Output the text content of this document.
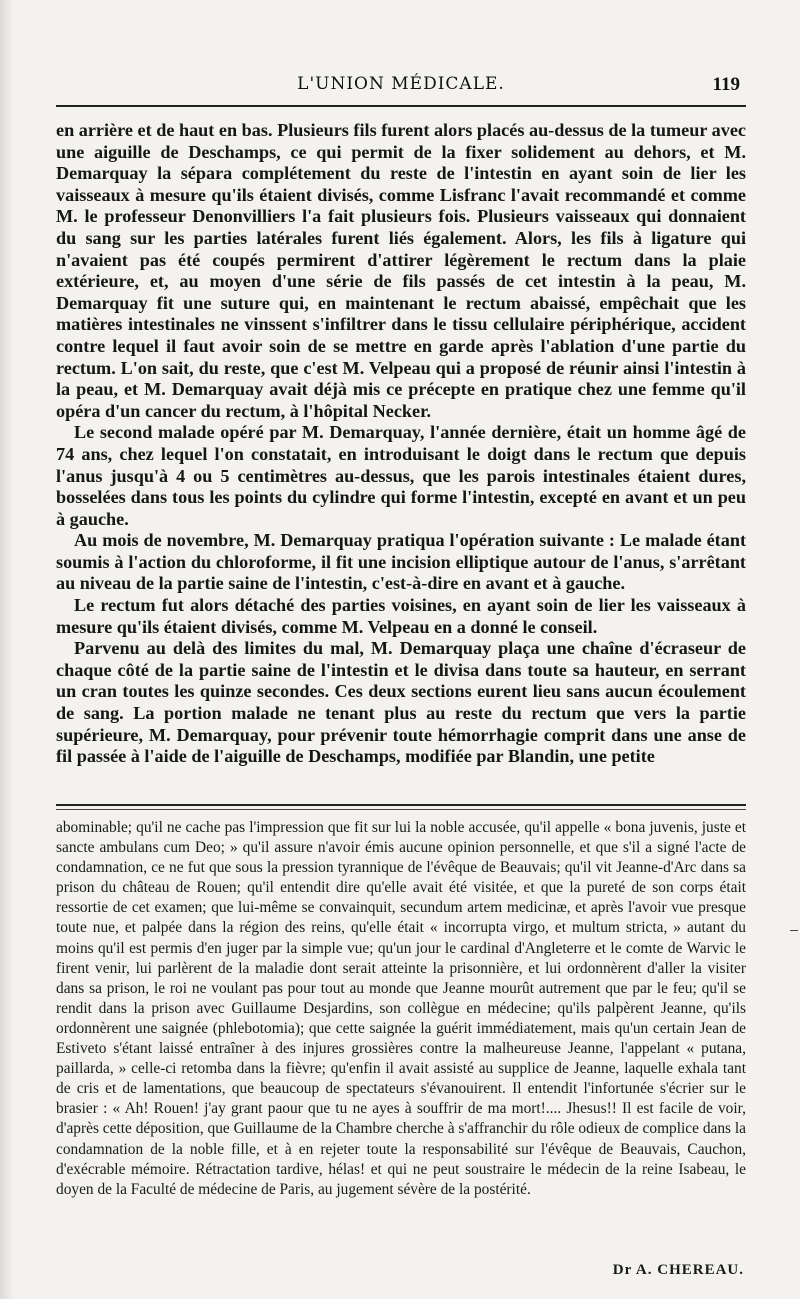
L'UNION MÉDICALE.	119

en arrière et de haut en bas. Plusieurs fils furent alors placés au-dessus de la tumeur avec une aiguille de Deschamps, ce qui permit de la fixer solidement au dehors, et M. Demarquay la sépara complétement du reste de l'intestin en ayant soin de lier les vaisseaux à mesure qu'ils étaient divisés, comme Lisfranc l'avait recommandé et comme M. le professeur Denonvilliers l'a fait plusieurs fois. Plusieurs vaisseaux qui donnaient du sang sur les parties latérales furent liés également. Alors, les fils à ligature qui n'avaient pas été coupés permirent d'attirer légèrement le rectum dans la plaie extérieure, et, au moyen d'une série de fils passés de cet intestin à la peau, M. Demarquay fit une suture qui, en maintenant le rectum abaissé, empêchait que les matières intestinales ne vinssent s'infiltrer dans le tissu cellulaire périphérique, accident contre lequel il faut avoir soin de se mettre en garde après l'ablation d'une partie du rectum. L'on sait, du reste, que c'est M. Velpeau qui a proposé de réunir ainsi l'intestin à la peau, et M. Demarquay avait déjà mis ce précepte en pratique chez une femme qu'il opéra d'un cancer du rectum, à l'hôpital Necker.

Le second malade opéré par M. Demarquay, l'année dernière, était un homme âgé de 74 ans, chez lequel l'on constatait, en introduisant le doigt dans le rectum que depuis l'anus jusqu'à 4 ou 5 centimètres au-dessus, que les parois intestinales étaient dures, bosselées dans tous les points du cylindre qui forme l'intestin, excepté en avant et un peu à gauche.

Au mois de novembre, M. Demarquay pratiqua l'opération suivante : Le malade étant soumis à l'action du chloroforme, il fit une incision elliptique autour de l'anus, s'arrêtant au niveau de la partie saine de l'intestin, c'est-à-dire en avant et à gauche.

Le rectum fut alors détaché des parties voisines, en ayant soin de lier les vaisseaux à mesure qu'ils étaient divisés, comme M. Velpeau en a donné le conseil.

Parvenu au delà des limites du mal, M. Demarquay plaça une chaîne d'écraseur de chaque côté de la partie saine de l'intestin et le divisa dans toute sa hauteur, en serrant un cran toutes les quinze secondes. Ces deux sections eurent lieu sans aucun écoulement de sang. La portion malade ne tenant plus au reste du rectum que vers la partie supérieure, M. Demarquay, pour prévenir toute hémorrhagie comprit dans une anse de fil passée à l'aide de l'aiguille de Deschamps, modifiée par Blandin, une petite

abominable; qu'il ne cache pas l'impression que fit sur lui la noble accusée, qu'il appelle « bona juvenis, juste et sancte ambulans cum Deo; » qu'il assure n'avoir émis aucune opinion personnelle, et que s'il a signé l'acte de condamnation, ce ne fut que sous la pression tyrannique de l'évêque de Beauvais; qu'il vit Jeanne-d'Arc dans sa prison du château de Rouen; qu'il entendit dire qu'elle avait été visitée, et que la pureté de son corps était ressortie de cet examen; que lui-même se convainquit, secundum artem medicinæ, et après l'avoir vue presque toute nue, et palpée dans la région des reins, qu'elle était « incorrupta virgo, et multum stricta, » autant du moins qu'il est permis d'en juger par la simple vue; qu'un jour le cardinal d'Angleterre et le comte de Warvic le firent venir, lui parlèrent de la maladie dont serait atteinte la prisonnière, et lui ordonnèrent d'aller la visiter dans sa prison, le roi ne voulant pas pour tout au monde que Jeanne mourût autrement que par le feu; qu'il se rendit dans la prison avec Guillaume Desjardins, son collègue en médecine; qu'ils palpèrent Jeanne, qu'ils ordonnèrent une saignée (phlebotomia); que cette saignée la guérit immédiatement, mais qu'un certain Jean de Estiveto s'étant laissé entraîner à des injures grossières contre la malheureuse Jeanne, l'appelant « putana, paillarda, » celle-ci retomba dans la fièvre; qu'enfin il avait assisté au supplice de Jeanne, laquelle exhala tant de cris et de lamentations, que beaucoup de spectateurs s'évanouirent. Il entendit l'infortunée s'écrier sur le brasier : « Ah! Rouen! j'ay grant paour que tu ne ayes à souffrir de ma mort!.... Jhesus!! Il est facile de voir, d'après cette déposition, que Guillaume de la Chambre cherche à s'affranchir du rôle odieux de complice dans la condamnation de la noble fille, et à en rejeter toute la responsabilité sur l'évêque de Beauvais, Cauchon, d'exécrable mémoire. Rétractation tardive, hélas! et qui ne peut soustraire le médecin de la reine Isabeau, le doyen de la Faculté de médecine de Paris, au jugement sévère de la postérité.

Dr A. CHEREAU.
